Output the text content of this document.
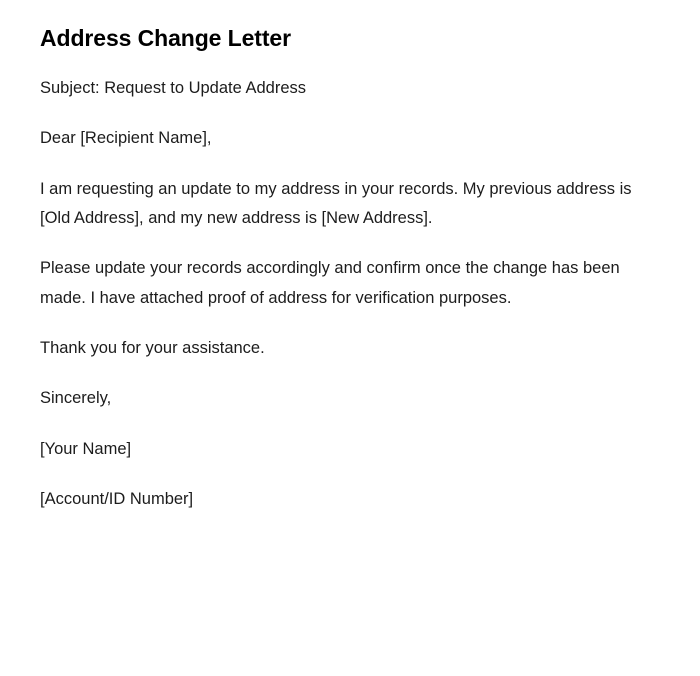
Address Change Letter

Subject: Request to Update Address

Dear [Recipient Name],

I am requesting an update to my address in your records. My previous address is [Old Address], and my new address is [New Address].

Please update your records accordingly and confirm once the change has been made. I have attached proof of address for verification purposes.

Thank you for your assistance.

Sincerely,

[Your Name]

[Account/ID Number]
